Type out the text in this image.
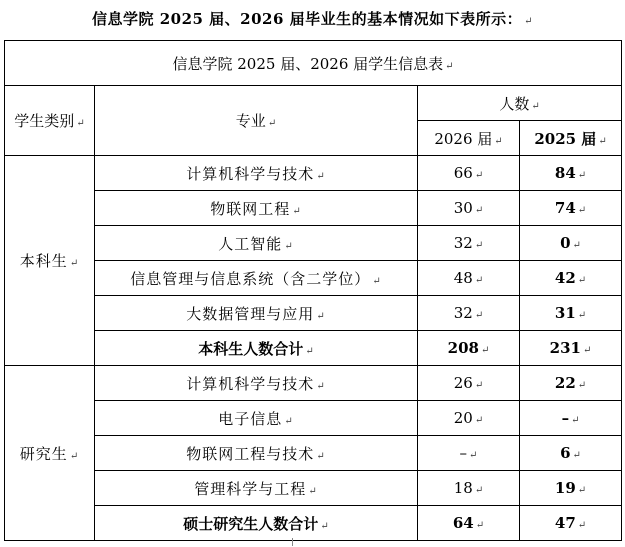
信息学院 2025 届、2026 届毕业生的基本情况如下表所示： ↵
信息学院 2025 届、2026 届学生信息表 ↵			
学生类别 ↵	专业 ↵	人数 ↵	
		2026 届 ↵	2025 届 ↵
本科生 ↵	计算机科学与技术 ↵	66 ↵	84 ↵
	物联网工程 ↵	30 ↵	74 ↵
	人工智能 ↵	32 ↵	0 ↵
	信息管理与信息系统（含二学位） ↵	48 ↵	42 ↵
	大数据管理与应用 ↵	32 ↵	31 ↵
	本科生人数合计 ↵	208 ↵	231 ↵
研究生 ↵	计算机科学与技术 ↵	26 ↵	22 ↵
	电子信息 ↵	20 ↵	– ↵
	物联网工程与技术 ↵	– ↵	6 ↵
	管理科学与工程 ↵	18 ↵	19 ↵
	硕士研究生人数合计 ↵	64 ↵	47 ↵
